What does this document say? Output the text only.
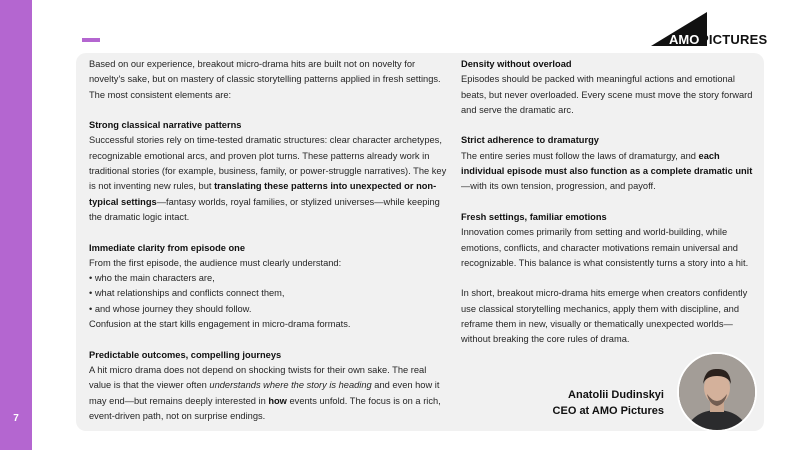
7
AMO PICTURES

Based on our experience, breakout micro-drama hits are built not on novelty for novelty's sake, but on mastery of classic storytelling patterns applied in fresh settings. The most consistent elements are:

Strong classical narrative patterns

Successful stories rely on time-tested dramatic structures: clear character archetypes, recognizable emotional arcs, and proven plot turns. These patterns already work in traditional stories (for example, business, family, or power-struggle narratives). The key is not inventing new rules, but translating these patterns into unexpected or non-typical settings—fantasy worlds, royal families, or stylized universes—while keeping the dramatic logic intact.

Immediate clarity from episode one

From the first episode, the audience must clearly understand:

• who the main characters are,

• what relationships and conflicts connect them,

• and whose journey they should follow.

Confusion at the start kills engagement in micro-drama formats.

Predictable outcomes, compelling journeys

A hit micro drama does not depend on shocking twists for their own sake. The real value is that the viewer often understands where the story is heading and even how it may end—but remains deeply interested in how events unfold. The focus is on a rich, event-driven path, not on surprise endings.

Density without overload

Episodes should be packed with meaningful actions and emotional beats, but never overloaded. Every scene must move the story forward and serve the dramatic arc.

Strict adherence to dramaturgy

The entire series must follow the laws of dramaturgy, and each individual episode must also function as a complete dramatic unit—with its own tension, progression, and payoff.

Fresh settings, familiar emotions

Innovation comes primarily from setting and world-building, while emotions, conflicts, and character motivations remain universal and recognizable. This balance is what consistently turns a story into a hit.

In short, breakout micro-drama hits emerge when creators confidently use classical storytelling mechanics, apply them with discipline, and reframe them in new, visually or thematically unexpected worlds—without breaking the core rules of drama.

Anatolii Dudinskyi
CEO at AMO Pictures
